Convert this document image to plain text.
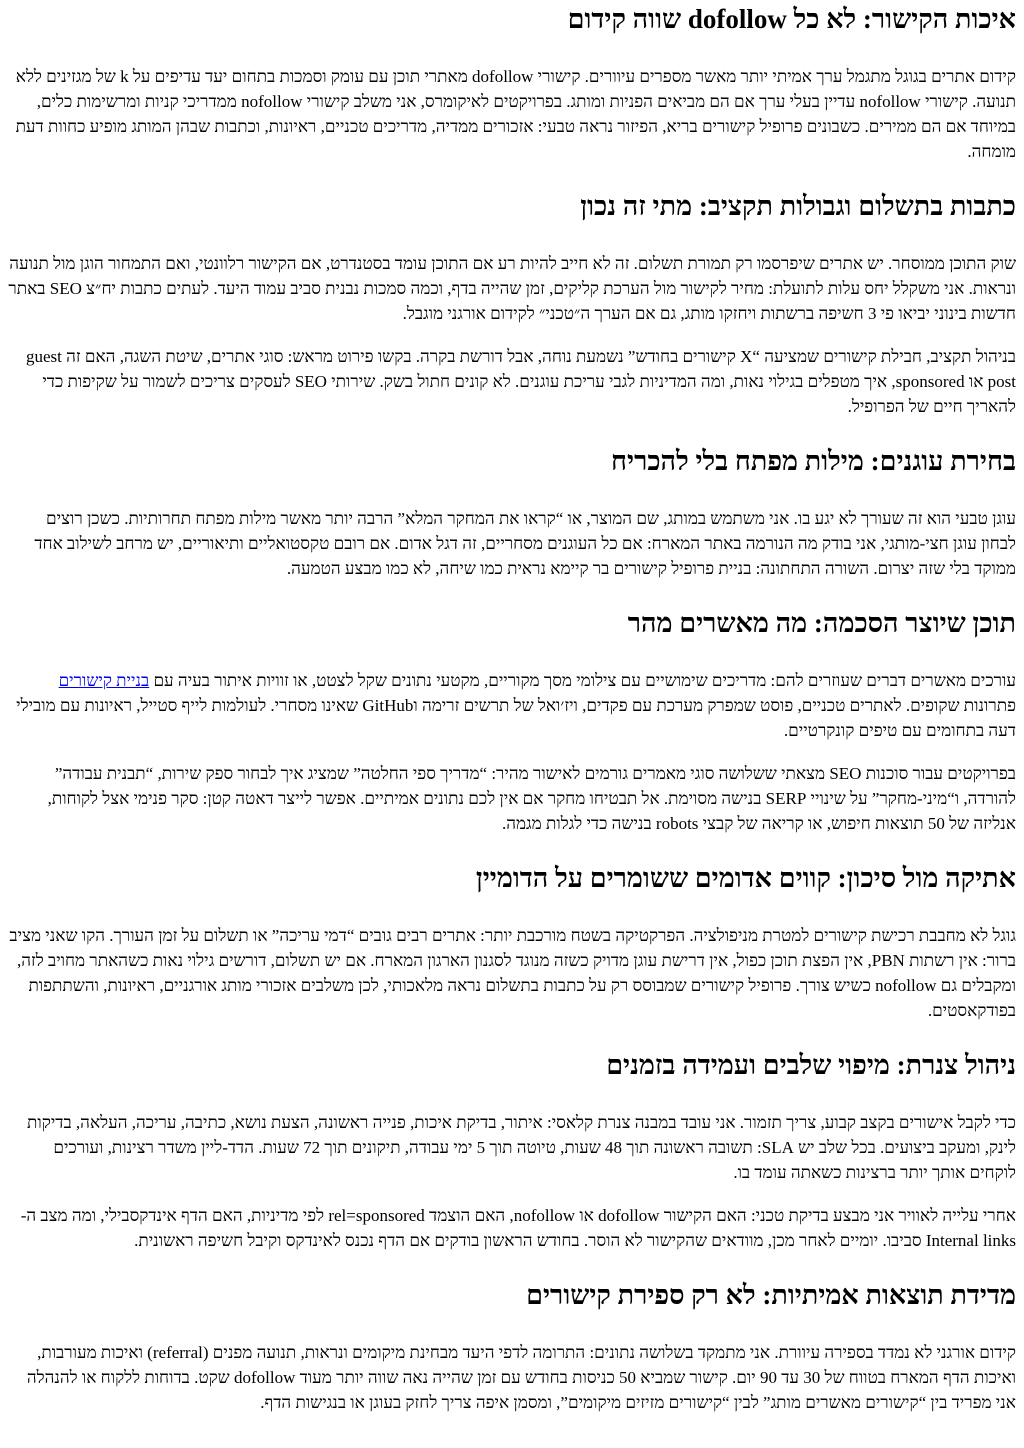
איכות הקישור: לא כל dofollow שווה קידום

קידום אתרים בגוגל מתגמל ערך אמיתי יותר מאשר מספרים עיוורים. קישורי dofollow מאתרי תוכן עם עומק וסמכות בתחום יעד עדיפים על k של מגזינים ללא תנועה. קישורי nofollow עדיין בעלי ערך אם הם מביאים הפניות ומותג. בפרויקטים לאיקומרס, אני משלב קישורי nofollow ממדריכי קניות ומרשימות כלים, במיוחד אם הם ממירים. כשבונים פרופיל קישורים בריא, הפיזור נראה טבעי: אזכורים ממדיה, מדריכים טכניים, ראיונות, וכתבות שבהן המותג מופיע כחוות דעת מומחה.

כתבות בתשלום וגבולות תקציב: מתי זה נכון

שוק התוכן ממוסחר. יש אתרים שיפרסמו רק תמורת תשלום. זה לא חייב להיות רע אם התוכן עומד בסטנדרט, אם הקישור רלוונטי, ואם התמחור הוגן מול תנועה ונראות. אני משקלל יחס עלות לתועלת: מחיר לקישור מול הערכת קליקים, זמן שהייה בדף, וכמה סמכות נבנית סביב עמוד היעד. לעתים כתבות יח״צ SEO באתר חדשות בינוני יביאו פי 3 חשיפה ברשתות ויחזקו מותג, גם אם הערך ה״טכני״ לקידום אורגני מוגבל.

בניהול תקציב, חבילת קישורים שמציעה “X קישורים בחודש” נשמעת נוחה, אבל דורשת בקרה. בקשו פירוט מראש: סוגי אתרים, שיטת השגה, האם זה guest post או sponsored, איך מטפלים בגילוי נאות, ומה המדיניות לגבי עריכת עוגנים. לא קונים חתול בשק. שירותי SEO לעסקים צריכים לשמור על שקיפות כדי להאריך חיים של הפרופיל.

בחירת עוגנים: מילות מפתח בלי להכריח

עוגן טבעי הוא זה שעורך לא יגע בו. אני משתמש במותג, שם המוצר, או “קראו את המחקר המלא” הרבה יותר מאשר מילות מפתח תחרותיות. כשכן רוצים לבחון עוגן חצי-מותגי, אני בודק מה הנורמה באתר המארח: אם כל העוגנים מסחריים, זה דגל אדום. אם רובם טקסטואליים ותיאוריים, יש מרחב לשילוב אחד ממוקד בלי שזה יצרום. השורה התחתונה: בניית פרופיל קישורים בר קיימא נראית כמו שיחה, לא כמו מבצע הטמעה.

תוכן שיוצר הסכמה: מה מאשרים מהר

עורכים מאשרים דברים שעוזרים להם: מדריכים שימושיים עם צילומי מסך מקוריים, מקטעי נתונים שקל לצטט, או זוויות איתור בעיה עם בניית קישורים פתרונות שקופים. לאתרים טכניים, פוסט שמפרק מערכת עם פקדים, ויז׳ואל של תרשים זרימה וGitHub שאינו מסחרי. לעולמות לייף סטייל, ראיונות עם מובילי דעה בתחומים עם טיפים קונקרטיים.

בפרויקטים עבור סוכנות SEO מצאתי ששלושה סוגי מאמרים גורמים לאישור מהיר: “מדריך ספי החלטה” שמציג איך לבחור ספק שירות, “תבנית עבודה” להורדה, ו“מיני-מחקר” על שינויי SERP בנישה מסוימת. אל תבטיחו מחקר אם אין לכם נתונים אמיתיים. אפשר לייצר דאטה קטן: סקר פנימי אצל לקוחות, אנליזה של 50 תוצאות חיפוש, או קריאה של קבצי robots בנישה כדי לגלות מגמה.

אתיקה מול סיכון: קווים אדומים ששומרים על הדומיין

גוגל לא מחבבת רכישת קישורים למטרת מניפולציה. הפרקטיקה בשטח מורכבת יותר: אתרים רבים גובים “דמי עריכה” או תשלום על זמן העורך. הקו שאני מציב ברור: אין רשתות PBN, אין הפצת תוכן כפול, אין דרישת עוגן מדויק כשזה מנוגד לסגנון הארגון המארח. אם יש תשלום, דורשים גילוי נאות כשהאתר מחויב לזה, ומקבלים גם nofollow כשיש צורך. פרופיל קישורים שמבוסס רק על כתבות בתשלום נראה מלאכותי, לכן משלבים אזכורי מותג אורגניים, ראיונות, והשתתפות בפודקאסטים.

ניהול צנרת: מיפוי שלבים ועמידה בזמנים

כדי לקבל אישורים בקצב קבוע, צריך תזמור. אני עובד במבנה צנרת קלאסי: איתור, בדיקת איכות, פנייה ראשונה, הצעת נושא, כתיבה, עריכה, העלאה, בדיקות לינק, ומעקב ביצועים. בכל שלב יש SLA: תשובה ראשונה תוך 48 שעות, טיוטה תוך 5 ימי עבודה, תיקונים תוך 72 שעות. הדד-ליין משדר רצינות, ועורכים לוקחים אותך יותר ברצינות כשאתה עומד בו.

אחרי עלייה לאוויר אני מבצע בדיקת טכני: האם הקישור dofollow או nofollow, האם הוצמד rel=sponsored לפי מדיניות, האם הדף אינדקסבילי, ומה מצב ה-Internal links סביבו. יומיים לאחר מכן, מוודאים שהקישור לא הוסר. בחודש הראשון בודקים אם הדף נכנס לאינדקס וקיבל חשיפה ראשונית.

מדידת תוצאות אמיתיות: לא רק ספירת קישורים

קידום אורגני לא נמדד בספירה עיוורת. אני מתמקד בשלושה נתונים: התרומה לדפי היעד מבחינת מיקומים ונראות, תנועה מפנים (referral) ואיכות מעורבות, ואיכות הדף המארח בטווח של 30 עד 90 יום. קישור שמביא 50 כניסות בחודש עם זמן שהייה נאה שווה יותר מעוד dofollow שקט. בדוחות ללקוח או להנהלה אני מפריד בין “קישורים מאשרים מותג” לבין “קישורים מזיזים מיקומים”, ומסמן איפה צריך לחזק בעוגן או בנגישות הדף.
